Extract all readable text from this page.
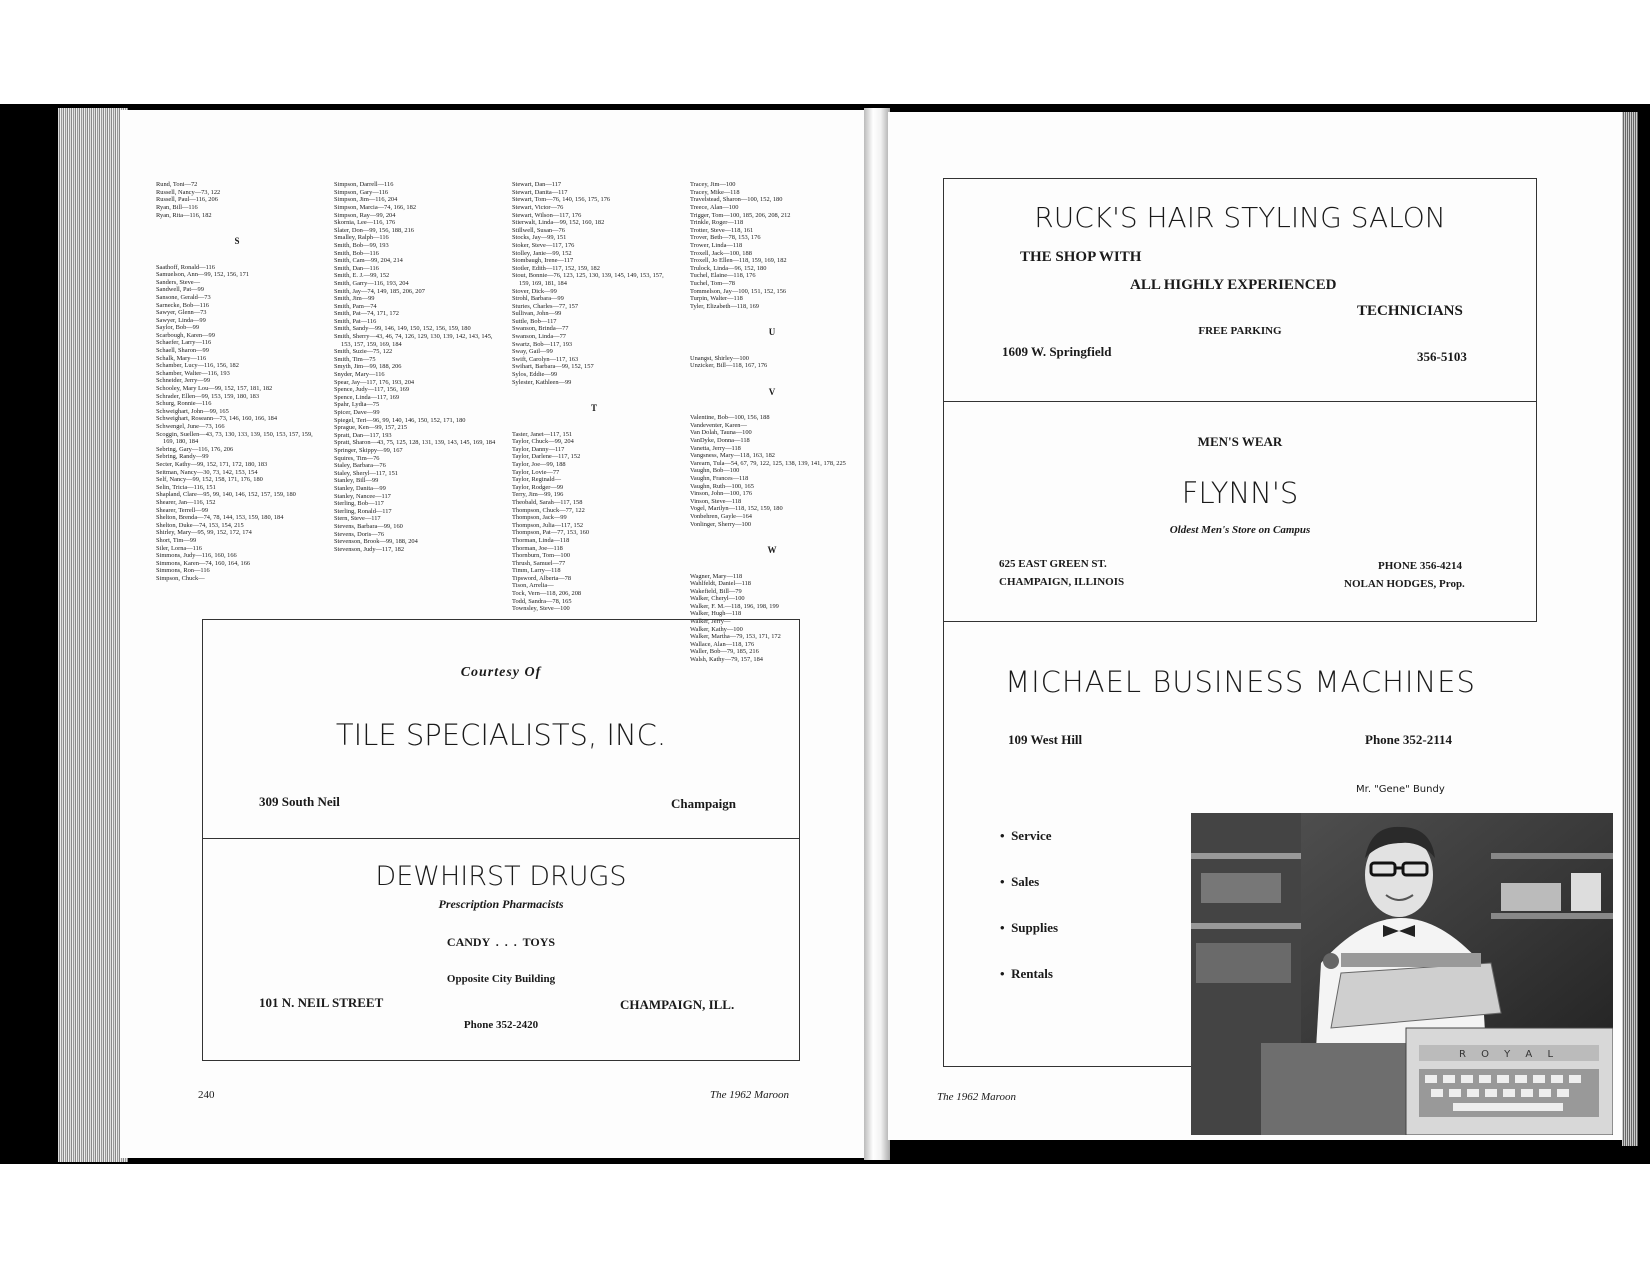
Rund, Toni—72
Russell, Nancy—73, 122
Russell, Paul—116, 206
Ryan, Bill—116
Ryan, Rita—116, 182

S

Saathoff, Ronald—116
Samuelson, Ann—99, 152, 156, 171
Sanders, Steve—
Sandwell, Pat—99
Sansone, Gerald—73
Sarnecke, Bob—116
Sawyer, Glenn—73
Sawyer, Linda—99
Saylor, Bob—99
Scarbough, Karen—99
Schaefer, Larry—116
Schaell, Sharon—99
Schalk, Mary—116
Schamber, Lucy—116, 156, 182
Schamber, Walter—116, 193
Schneider, Jerry—99
Schooley, Mary Lou—99, 152, 157, 181, 182
Schrader, Ellen—99, 153, 159, 180, 183
Schurg, Ronnie—116
Schweighart, John—99, 165
Schweighart, Roseann—73, 146, 160, 166, 184
Schwengel, June—73, 166
Scoggin, Suellen—43, 73, 130, 133, 139, 150, 153, 157, 159, 169, 180, 184
Sebring, Gary—116, 176, 206
Sebring, Randy—99
Secter, Kathy—99, 152, 171, 172, 180, 183
Seitman, Nancy—30, 73, 142, 153, 154
Self, Nancy—99, 152, 158, 171, 176, 180
Selin, Tricia—116, 151
Shapland, Clare—95, 99, 140, 146, 152, 157, 159, 180
Shearer, Jan—116, 152
Shearer, Terrell—99
Shelton, Brenda—74, 78, 144, 153, 159, 180, 184
Shelton, Duke—74, 153, 154, 215
Shirley, Mary—95, 99, 152, 172, 174
Short, Tim—99
Siler, Lorna—116
Simmons, Judy—116, 160, 166
Simmons, Karen—74, 160, 164, 166
Simmons, Ron—116
Simpson, Chuck—

Simpson, Darrell—116
Simpson, Gary—116
Simpson, Jim—116, 204
Simpson, Marcia—74, 166, 182
Simpson, Ray—99, 204
Skornia, Lee—116, 176
Slater, Don—99, 156, 188, 216
Smalley, Ralph—116
Smith, Bob—99, 193
Smith, Bob—116
Smith, Cam—99, 204, 214
Smith, Dan—116
Smith, E. J.—99, 152
Smith, Garry—116, 193, 204
Smith, Jay—74, 149, 185, 206, 207
Smith, Jim—99
Smith, Pam—74
Smith, Pat—74, 171, 172
Smith, Pat—116
Smith, Sandy—99, 146, 149, 150, 152, 156, 159, 180
Smith, Sherry—43, 46, 74, 126, 129, 130, 139, 142, 143, 145, 153, 157, 159, 169, 184
Smith, Suzie—75, 122
Smith, Tim—75
Smyth, Jim—99, 188, 206
Snyder, Mary—116
Spear, Jay—117, 176, 193, 204
Spence, Judy—117, 156, 169
Spence, Linda—117, 169
Spahr, Lydia—75
Spicer, Dave—99
Spiegel, Teri—96, 99, 140, 146, 150, 152, 171, 180
Sprague, Ken—99, 157, 215
Spratt, Dan—117, 193
Spratt, Sharon—43, 75, 125, 128, 131, 139, 143, 145, 169, 184
Springer, Skippy—99, 167
Squires, Tim—76
Staley, Barbara—76
Staley, Sheryl—117, 151
Stanley, Bill—99
Stanley, Danita—99
Stanley, Nancee—117
Sterling, Bob—117
Sterling, Ronald—117
Stern, Steve—117
Stevens, Barbara—99, 160
Stevens, Doris—76
Stevenson, Brook—99, 188, 204
Stevenson, Judy—117, 182

Stewart, Dan—117
Stewart, Danita—117
Stewart, Tom—76, 140, 156, 175, 176
Stewart, Victor—76
Stewart, Wilson—117, 176
Stierwalt, Linda—99, 152, 160, 182
Stillwell, Susan—76
Stocks, Jay—99, 151
Stoker, Steve—117, 176
Stolley, Janie—99, 152
Stombaugh, Irene—117
Stotler, Edith—117, 152, 159, 182
Stout, Bonnie—76, 123, 125, 130, 139, 145, 149, 153, 157, 159, 169, 181, 184
Stover, Dick—99
Strohl, Barbara—99
Sturies, Charles—77, 157
Sullivan, John—99
Suttle, Bob—117
Swanson, Brinda—77
Swanson, Linda—77
Swartz, Bob—117, 193
Sway, Gail—99
Swift, Carolyn—117, 163
Swihart, Barbara—99, 152, 157
Sylos, Eddie—99
Sylester, Kathleen—99

T

Taster, Janet—117, 151
Taylor, Chuck—99, 204
Taylor, Danny—117
Taylor, Darlene—117, 152
Taylor, Joe—99, 188
Taylor, Lovie—77
Taylor, Reginald—
Taylor, Rodger—99
Terry, Jim—99, 196
Theobald, Sarah—117, 158
Thompson, Chuck—77, 122
Thompson, Jack—99
Thompson, Julia—117, 152
Thompson, Pat—77, 153, 160
Thorman, Linda—118
Thorman, Joe—118
Thornburn, Tom—100
Thrush, Samuel—77
Timm, Larry—118
Tipsword, Alberta—78
Tison, Arrelia—
Tock, Vern—118, 206, 208
Todd, Sandra—78, 165
Townsley, Steve—100

Tracey, Jim—100
Tracey, Mike—118
Travelstead, Sharon—100, 152, 180
Treece, Alan—100
Trigger, Tom—100, 185, 206, 208, 212
Trinkle, Roger—118
Trotter, Steve—118, 161
Trover, Beth—78, 153, 176
Trower, Linda—118
Troxell, Jack—100, 188
Troxell, Jo Ellen—118, 159, 169, 182
Trulock, Linda—96, 152, 180
Tuchel, Elaine—118, 176
Tuchel, Tom—78
Tommelson, Jay—100, 151, 152, 156
Turpin, Walter—118
Tyler, Elizabeth—118, 169

U

Unangst, Shirley—100
Unzicker, Bill—118, 167, 176

V

Valentine, Bob—100, 156, 188
Vandeventer, Karen—
Van Dolah, Tauna—100
VanDyke, Donna—118
Vanetta, Jerry—118
Vangsness, Mary—118, 163, 182
Varearn, Tula—54, 67, 79, 122, 125, 138, 139, 141, 178, 225
Vaughn, Bob—100
Vaughn, Frances—118
Vaughn, Ruth—100, 165
Vinson, John—100, 176
Vinson, Steve—118
Vogel, Marilyn—118, 152, 159, 180
Vonbehren, Gayle—164
Vonlinger, Sherry—100

W

Wagner, Mary—118
Wahlfeldt, Daniel—118
Wakefield, Bill—79
Walker, Cheryl—100
Walker, F. M.—118, 196, 198, 199
Walker, Hugh—118
Walker, Jerry—
Walker, Kathy—100
Walker, Martha—79, 153, 171, 172
Wallace, Alan—118, 176
Waller, Bob—79, 185, 216
Walsh, Kathy—79, 157, 184

Courtesy Of
TILE SPECIALISTS, INC.
309 South Neil	Champaign
DEWHIRST DRUGS
Prescription Pharmacists
CANDY  .  .  .  TOYS
Opposite City Building
101 N. NEIL STREET	CHAMPAIGN, ILL.
Phone 352-2420
240	The 1962 Maroon
RUCK'S HAIR STYLING SALON
THE SHOP WITH
ALL HIGHLY EXPERIENCED
TECHNICIANS
FREE PARKING
1609 W. Springfield	356-5103
MEN'S WEAR
FLYNN'S
Oldest Men's Store on Campus
625 EAST GREEN ST.
CHAMPAIGN, ILLINOIS
PHONE 356-4214
NOLAN HODGES, Prop.
MICHAEL BUSINESS MACHINES
109 West Hill	Phone 352-2114
Mr. "Gene" Bundy
•  Service
•  Sales
•  Supplies
•  Rentals
R O Y A L
The 1962 Maroon
